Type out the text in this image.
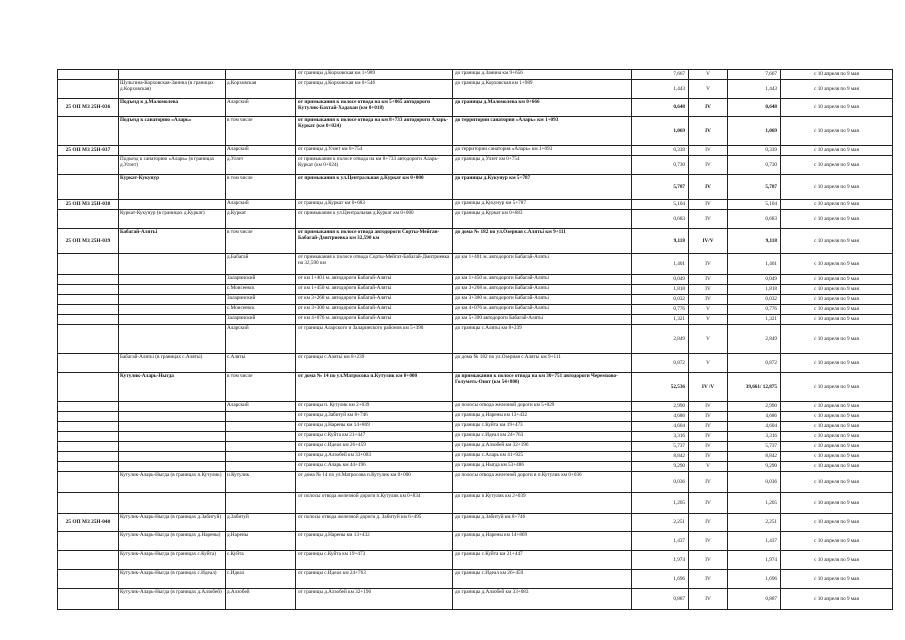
			от границы д.Корховская км 1+989	до границы д.Занина км 9+656	7,667	V	7,667	с 10 апреля по 9 мая
	Шульгина-Корховская-Занина (в границах д.Корховская)	д.Корховская	от границы д.Корховская км 0+546	до границы д.Корховская км 1+989	1,443	V	1,443	с 10 апреля по 9 мая
25 ОП МЗ 25Н-036	Подъезд к д.Маломолева	Аларский	от примыкания к полосе отвода на км 5+065 автодороги Кутулик-Бахтай-Хадахан (км 0+018)	до границы д.Маломолева км 0+666	0,648	IV	0,648	с 10 апреля по 9 мая
	Подъезд к санаторию «Аларь»	в том числе	от примыкания к полосе отвода на км 8+733 автодороги Аларь-Куркат (км 0+024)	до территории санатория «Аларь» км 1+093	1,069	IV	1,069	с 10 апреля по 9 мая
25 ОП МЗ 25Н-037		Аларский	от границы д.Улзет км 0+754	до территории санатория «Аларь» км 1+093	0,339	IV	0,339	с 10 апреля по 9 мая
	Подъезд к санаторию «Аларь» (в границах д.Улзет)	д.Улзет	от примыкания к полосе отвода на км 8+733 автодороги Аларь-Куркат (км 0+024)	до границы д.Улзет км 0+754	0,730	IV	0,730	с 10 апреля по 9 мая
	Куркат-Кукунур	в том числе	от примыкания к ул.Центральная д.Куркат км 0+000	до границы д.Кукунур км 5+787	5,787	IV	5,787	с 10 апреля по 9 мая
25 ОП МЗ 25Н-038		Аларский	от границы д.Куркат км 0+683	до границы д.Кукунур км 5+787	5,104	IV	5,104	с 10 апреля по 9 мая
	Куркат-Кукунур (в границах д.Куркат)	д.Куркат	от примыкания к ул.Центральная д.Куркат км 0+000	до границы д.Куркат км 0+683	0,683	IV	0,683	с 10 апреля по 9 мая
25 ОП МЗ 25Н-039	Бабагай-Алятьі	в том числе	от примыкания к полосе отвода автодороги Сорты-Мейган-Бабагай-Дмитриевка км 32,590 км	до дома № 182 по ул.Озерная с.Алятьі км 9+111	9,118	IV/V	9,118	с 10 апреля по 9 мая
		д.Бабагай	от примыкания к полосе отвода Сорты-Мейгат-Бабагай-Дмитриевка на 32,590 км	до км 1+401 м. автодороги Бабагай-Алятьі	1,401	IV	1,401	с 10 апреля по 9 мая
		Заларинский	от км 1+401 м. автодороги Бабагай-Алятьі	до км 1+450 м. автодороги Бабагай-Алятьі	0,049	IV	0,049	с 10 апреля по 9 мая
		с.Моисеевск	от км 1+450 м. автодороги Бабагай-Алятьі	до км 3+268 м. автодороги Бабагай-Алятьі	1,818	IV	1,818	с 10 апреля по 9 мая
		Заларинский	от км 3+268 м. автодороги Бабагай-Алятьі	до км 3+300 м. автодороги Бабагай-Алятьі	0,032	IV	0,032	с 10 апреля по 9 мая
		с.Моисеевск	от км 3+300 м. автодороги Бабагай-Алятьі	до км 4+076 м. автодороги Бабагай-Алятьі	0,776	V	0,776	с 10 апреля по 9 мая
		Заларинский	от км 4+076 м. автодороги Бабагай-Алятьі	до км 5+390 автодороги Бабагай-Алятьі	1,321	V	1,321	с 10 апреля по 9 мая
		Аларский	от границы Аларского и Заларинского районов км 5+390	до границы с.Алятьі км 8+239	2,849	V	2,849	с 10 апреля по 9 мая
	Бабагай-Алятьі (в границах с.Алятьі)	с.Алятьі	от границы с.Алятьі км 8+239	до дома № 182 по ул.Озерная с.Алятьі км 9+111	0,872	V	0,872	с 10 апреля по 9 мая
	Кутулик-Аларь-Ныгда	в том числе	от дома № 14 по ул.Матросова п.Кутулик км 0+000	до примыкания к полосе отвода на км 30+751 автодороги Черемхово-Голуметь-Онот (км 54+800)	52,536	IV /V	39,661/ 12,875	с 10 апреля по 9 мая
		Аларский	от границы п. Кутулик км 2+039	до полосы отвода железной дороги км 5+029	2,990	IV	2,990	с 10 апреля по 9 мая
			от границы д.Забитуй км 8+746	до границы д.Нарены км 13+432	4,686	IV	4,686	с 10 апреля по 9 мая
			от границы д.Нарены км 14+869	до границы с.Куйта км 19+473	4,604	IV	4,604	с 10 апреля по 9 мая
			от границы с.Куйта км 21+447	до границы с.Идеал км 24+763	3,316	IV	3,316	с 10 апреля по 9 мая
			от границы с.Идеал км 26+459	до границы д.Алзобей км 32+196	5,737	IV	5,737	с 10 апреля по 9 мая
			от границы д.Алзобей км 33+083	до границы с.Аларь км 41+925	8,842	IV	8,842	с 10 апреля по 9 мая
			от границы с.Аларь км 44+196	до границы д.Ныгда км 53+486	9,290	V	9,290	с 10 апреля по 9 мая
	Кутулик-Аларь-Ныгда (в границах п.Кутулик)	п.Кутулик	от дома № 14 по ул.Матросова п.Кутулик км 0+000	до полосы отвода железной дороги в п.Кутулик км 0+036	0,036	IV	0,036	с 10 апреля по 9 мая
			от полосы отвода железной дороги п.Кутулик км 0+834	до границы п.Кутулик км 2+039	1,205	IV	1,205	с 10 апреля по 9 мая
25 ОП МЗ 25Н-040	Кутулик-Аларь-Ныгда (в границах д.Забитуй)	д.Забитуй	от полосы отвода железной дороги д. Забитуй км 6+495	до границы д.Забитуй км 8+746	2,251	IV	2,251	с 10 апреля по 9 мая
	Кутулик-Аларь-Ныгда (в границах д.Нарены)	д.Нарены	от границы д.Нарены км 13+432	до границы д.Нарены км 14+869	1,437	IV	1,437	с 10 апреля по 9 мая
	Кутулик-Аларь-Ныгда (в границах с.Куйта)	с.Куйта	от границы с.Куйта км 19+473	до границы с.Куйта км 21+447	1,974	IV	1,974	с 10 апреля по 9 мая
	Кутулик-Аларь-Ныгда (в границах с.Идеал)	с.Идеал	от границы с.Идеал км 24+763	до границы с.Идеал км 26+459	1,696	IV	1,696	с 10 апреля по 9 мая
	Кутулик-Аларь-Ныгда (в границах д.Алзобей)	д.Алзобей	от границы д.Алзобей км 32+196	до границы д.Алзобей км 33+083	0,887	IV	0,887	с 10 апреля по 9 мая
